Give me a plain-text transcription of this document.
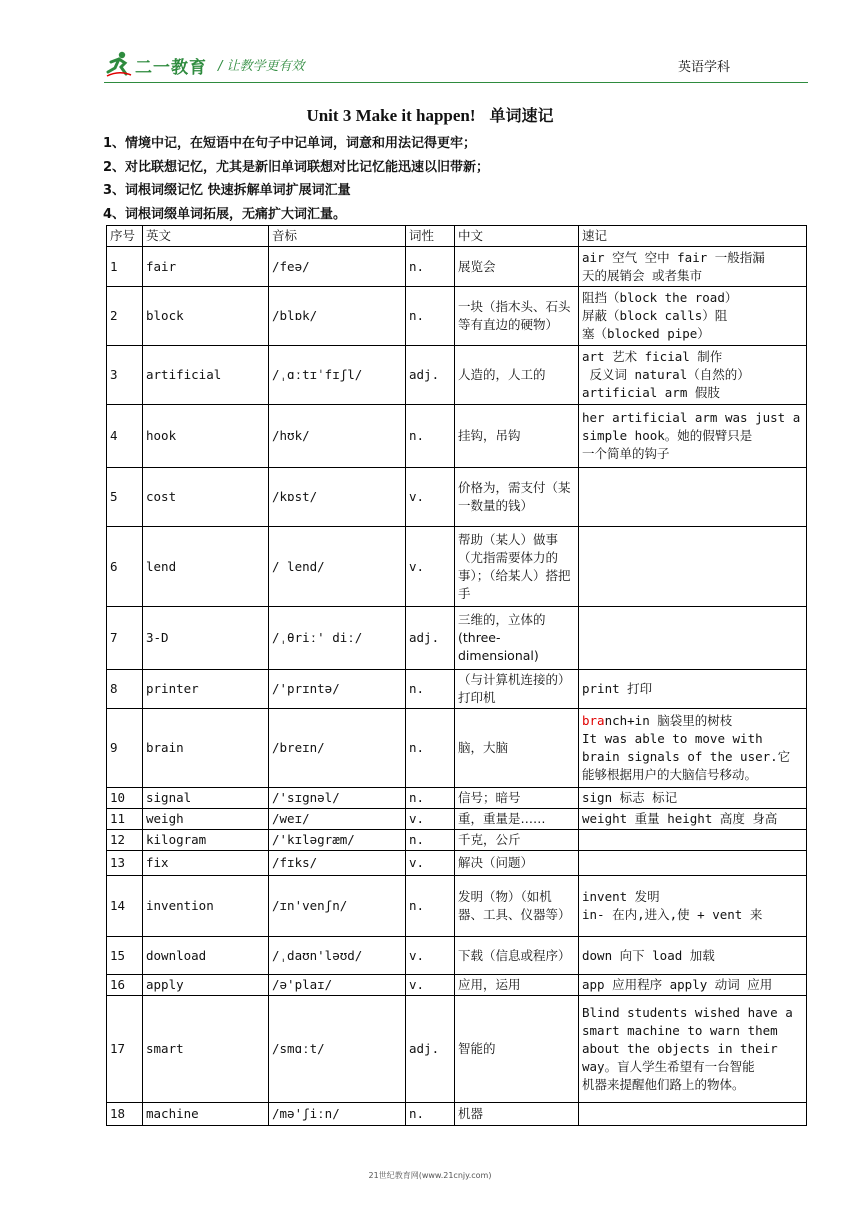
二一教育 / 让教学更有效	英语学科
Unit 3 Make it happen! 单词速记
1、情境中记，在短语中在句子中记单词，词意和用法记得更牢；
2、对比联想记忆，尤其是新旧单词联想对比记忆能迅速以旧带新；
3、词根词缀记忆 快速拆解单词扩展词汇量
4、词根词缀单词拓展，无痛扩大词汇量。
序号	英文	音标	词性	中文	速记
1	fair	/feə/	n.	展览会	air 空气 空中 fair 一般指漏
天的展销会 或者集市

2	block	/blɒk/	n.	一块（指木头、石头等有直边的硬物）	阻挡（block the road）
屏蔽（block calls）阻
塞（blocked pipe）

3	artificial	/ˌɑːtɪˈfɪʃl/	adj.	人造的，人工的	art 艺术 ficial 制作
反义词 natural（自然的）
artificial arm 假肢

4	hook	/hʊk/	n.	挂钩，吊钩	her artificial arm was just a
simple hook。她的假臂只是
一个简单的钩子

5	cost	/kɒst/	v.	价格为，需支付（某一数量的钱）	
6	lend	/ lend/	v.	帮助（某人）做事（尤指需要体力的事）；（给某人）搭把手	
7	3-D	/ˌθriː' diː/	adj.	三维的，立体的(three-dimensional)	
8	printer	/'prɪntə/	n.	（与计算机连接的）打印机	print 打印

9	brain	/breɪn/	n.	脑，大脑	branch+in 脑袋里的树枝
It was able to move with
brain signals of the user.它
能够根据用户的大脑信号移动。

10	signal	/'sɪgnəl/	n.	信号；暗号	sign 标志 标记

11	weigh	/weɪ/	v.	重，重量是……	weight 重量 height 高度 身高

12	kilogram	/'kɪləgræm/	n.	千克，公斤	
13	fix	/fɪks/	v.	解决（问题）	
14	invention	/ɪn'venʃn/	n.	发明（物）（如机器、工具、仪器等）	invent 发明
in- 在内,进入,使 + vent 来

15	download	/ˌdaʊn'ləʊd/	v.	下载（信息或程序）	down 向下 load 加载

16	apply	/ə'plaɪ/	v.	应用，运用	app 应用程序 apply 动词 应用

17	smart	/smɑːt/	adj.	智能的	Blind students wished have a
smart machine to warn them
about the objects in their
way。盲人学生希望有一台智能
机器来提醒他们路上的物体。

18	machine	/mə'ʃiːn/	n.	机器	
21世纪教育网(www.21cnjy.com)
